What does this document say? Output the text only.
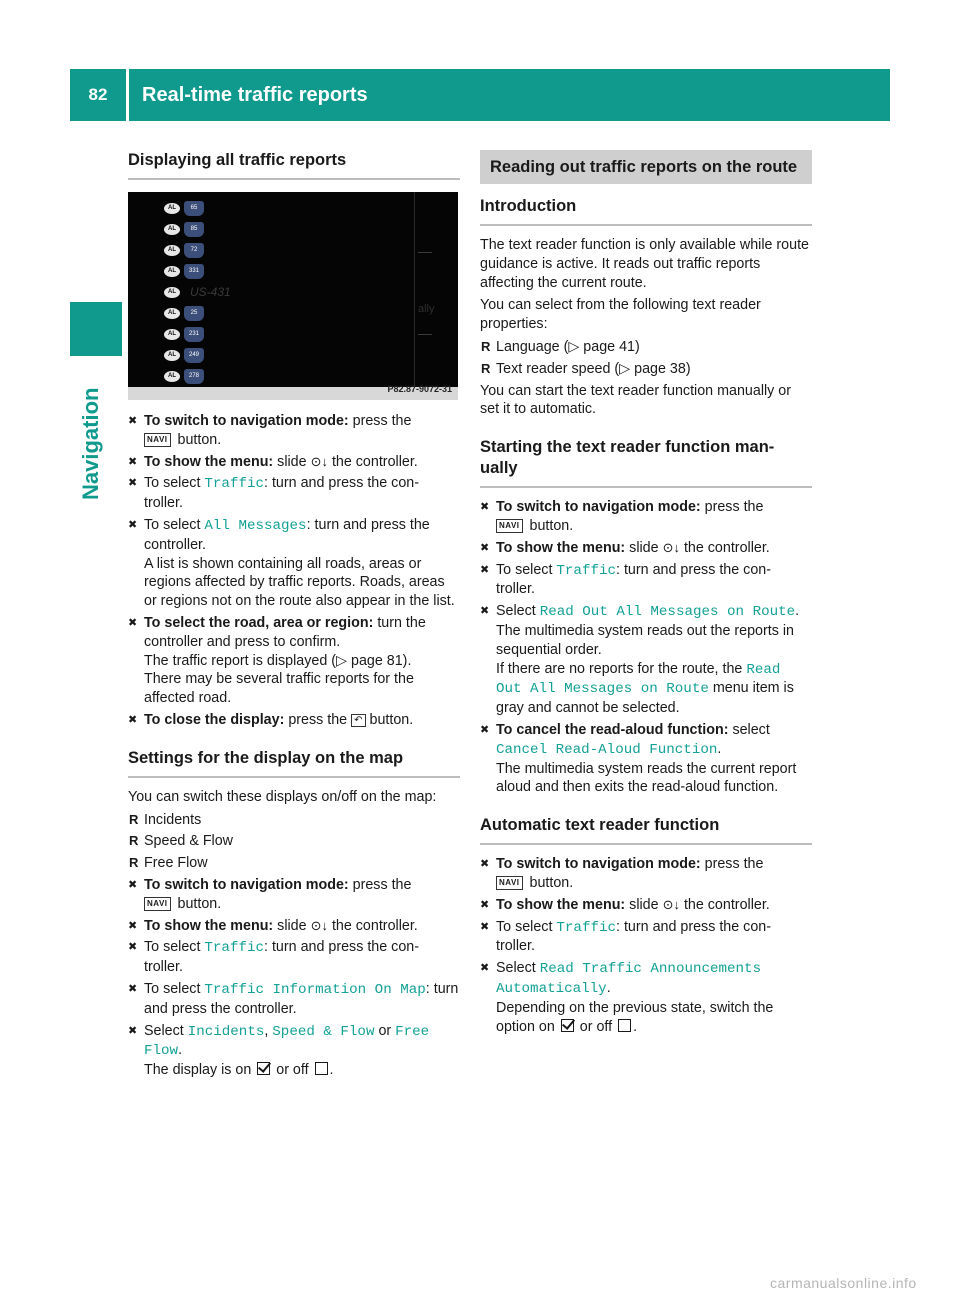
82	Real-time traffic reports
Navigation
Displaying all traffic reports
ally
P82.87-9072-31
AL	65
AL	85
AL	72
AL	331
AL	US-431
AL	25
AL	231
AL	249
AL	278
✖ To switch to navigation mode: press the
NAVI button.
✖ To show the menu: slide ⊙↓ the controller.
✖ To select Traffic: turn and press the con- troller.
✖ To select All Messages: turn and press the controller.
A list is shown containing all roads, areas or regions affected by traffic reports. Roads, areas or regions not on the route also appear in the list.
✖ To select the road, area or region: turn the controller and press to confirm.
The traffic report is displayed (▷ page 81).
There may be several traffic reports for the affected road.
✖ To close the display: press the ↶ button.
Settings for the display on the map

You can switch these displays on/off on the map:

R Incidents
R Speed & Flow
R Free Flow
✖ To switch to navigation mode: press the
NAVI button.
✖ To show the menu: slide ⊙↓ the controller.
✖ To select Traffic: turn and press the con- troller.
✖ To select Traffic Information On Map: turn and press the controller.
✖ Select Incidents, Speed & Flow or Free Flow.
The display is on  or off .
Reading out traffic reports on the route
Introduction

The text reader function is only available while route guidance is active. It reads out traffic reports affecting the current route.

You can select from the following text reader properties:

R Language (▷ page 41)
R Text reader speed (▷ page 38)

You can start the text reader function manually or set it to automatic.

Starting the text reader function man- ually
✖ To switch to navigation mode: press the
NAVI button.
✖ To show the menu: slide ⊙↓ the controller.
✖ To select Traffic: turn and press the con- troller.
✖ Select Read Out All Messages on Route.
The multimedia system reads out the reports in sequential order.
If there are no reports for the route, the Read Out All Messages on Route menu item is gray and cannot be selected.
✖ To cancel the read-aloud function: select Cancel Read-Aloud Function.
The multimedia system reads the current report aloud and then exits the read-aloud function.
Automatic text reader function
✖ To switch to navigation mode: press the
NAVI button.
✖ To show the menu: slide ⊙↓ the controller.
✖ To select Traffic: turn and press the con- troller.
✖ Select Read Traffic Announcements Automatically.
Depending on the previous state, switch the option on  or off .
carmanualsonline.info
